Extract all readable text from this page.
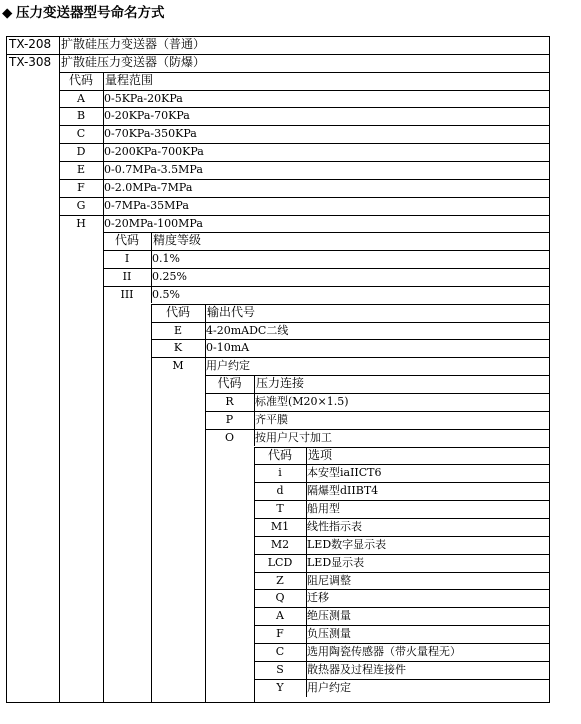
◆ 压力变送器型号命名方式
TX-208 扩散硅压力变送器（普通）
TX-308 扩散硅压力变送器（防爆）
代码	量程范围
A	0-5KPa-20KPa
B	0-20KPa-70KPa
C	0-70KPa-350KPa
D	0-200KPa-700KPa
E	0-0.7MPa-3.5MPa
F	0-2.0MPa-7MPa
G	0-7MPa-35MPa
H	0-20MPa-100MPa
代码	精度等级
I	0.1%
II	0.25%
III	0.5%
代码	输出代号
E	4-20mADC二线
K	0-10mA
M	用户约定
代码	压力连接
R	标准型(M20×1.5)
P	齐平膜
O	按用户尺寸加工
代码	选项
i	本安型iaIICT6
d	隔爆型dIIBT4
T	船用型
M1	线性指示表
M2	LED数字显示表
LCD	LED显示表
Z	阻尼调整
Q	迁移
A	绝压测量
F	负压测量
C	选用陶瓷传感器（带火量程无）
S	散热器及过程连接件
Y	用户约定
